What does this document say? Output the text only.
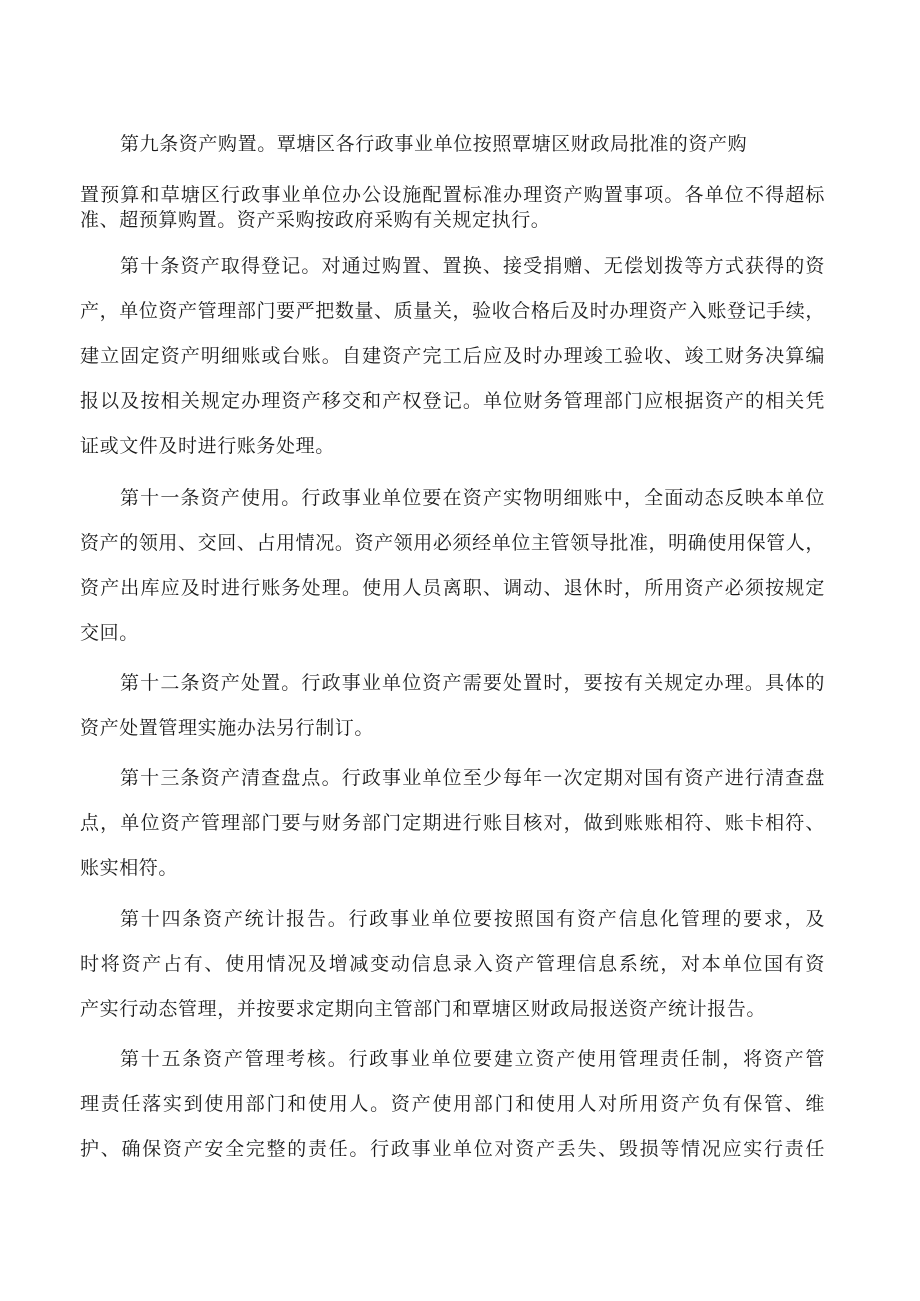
第九条资产购置。覃塘区各行政事业单位按照覃塘区财政局批准的资产购
置预算和草塘区行政事业单位办公设施配置标准办理资产购置事项。各单位不得超标
准、超预算购置。资产采购按政府采购有关规定执行。
第十条资产取得登记。对通过购置、置换、接受捐赠、无偿划拨等方式获得的资
产，单位资产管理部门要严把数量、质量关，验收合格后及时办理资产入账登记手续，
建立固定资产明细账或台账。自建资产完工后应及时办理竣工验收、竣工财务决算编
报以及按相关规定办理资产移交和产权登记。单位财务管理部门应根据资产的相关凭
证或文件及时进行账务处理。
第十一条资产使用。行政事业单位要在资产实物明细账中，全面动态反映本单位
资产的领用、交回、占用情况。资产领用必须经单位主管领导批准，明确使用保管人，
资产出库应及时进行账务处理。使用人员离职、调动、退休时，所用资产必须按规定
交回。
第十二条资产处置。行政事业单位资产需要处置时，要按有关规定办理。具体的
资产处置管理实施办法另行制订。
第十三条资产清查盘点。行政事业单位至少每年一次定期对国有资产进行清查盘
点，单位资产管理部门要与财务部门定期进行账目核对，做到账账相符、账卡相符、
账实相符。
第十四条资产统计报告。行政事业单位要按照国有资产信息化管理的要求，及
时将资产占有、使用情况及增减变动信息录入资产管理信息系统，对本单位国有资
产实行动态管理，并按要求定期向主管部门和覃塘区财政局报送资产统计报告。
第十五条资产管理考核。行政事业单位要建立资产使用管理责任制，将资产管
理责任落实到使用部门和使用人。资产使用部门和使用人对所用资产负有保管、维
护、确保资产安全完整的责任。行政事业单位对资产丢失、毁损等情况应实行责任
